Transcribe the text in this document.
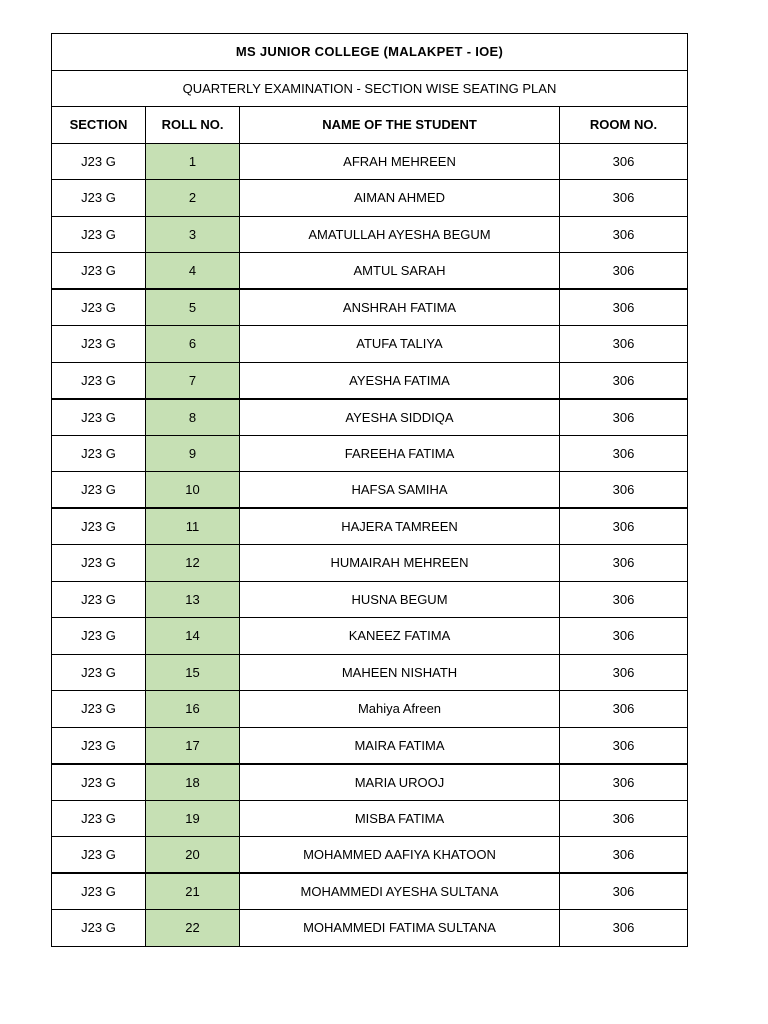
MS JUNIOR COLLEGE (MALAKPET - IOE)			
QUARTERLY EXAMINATION - SECTION WISE SEATING PLAN			
SECTION	ROLL NO.	NAME OF THE STUDENT	ROOM NO.
J23 G	1	AFRAH MEHREEN	306
J23 G	2	AIMAN AHMED	306
J23 G	3	AMATULLAH AYESHA BEGUM	306
J23 G	4	AMTUL SARAH	306
J23 G	5	ANSHRAH FATIMA	306
J23 G	6	ATUFA TALIYA	306
J23 G	7	AYESHA FATIMA	306
J23 G	8	AYESHA SIDDIQA	306
J23 G	9	FAREEHA FATIMA	306
J23 G	10	HAFSA SAMIHA	306
J23 G	11	HAJERA TAMREEN	306
J23 G	12	HUMAIRAH MEHREEN	306
J23 G	13	HUSNA BEGUM	306
J23 G	14	KANEEZ FATIMA	306
J23 G	15	MAHEEN NISHATH	306
J23 G	16	Mahiya Afreen	306
J23 G	17	MAIRA FATIMA	306
J23 G	18	MARIA UROOJ	306
J23 G	19	MISBA FATIMA	306
J23 G	20	MOHAMMED AAFIYA KHATOON	306
J23 G	21	MOHAMMEDI AYESHA SULTANA	306
J23 G	22	MOHAMMEDI FATIMA SULTANA	306
